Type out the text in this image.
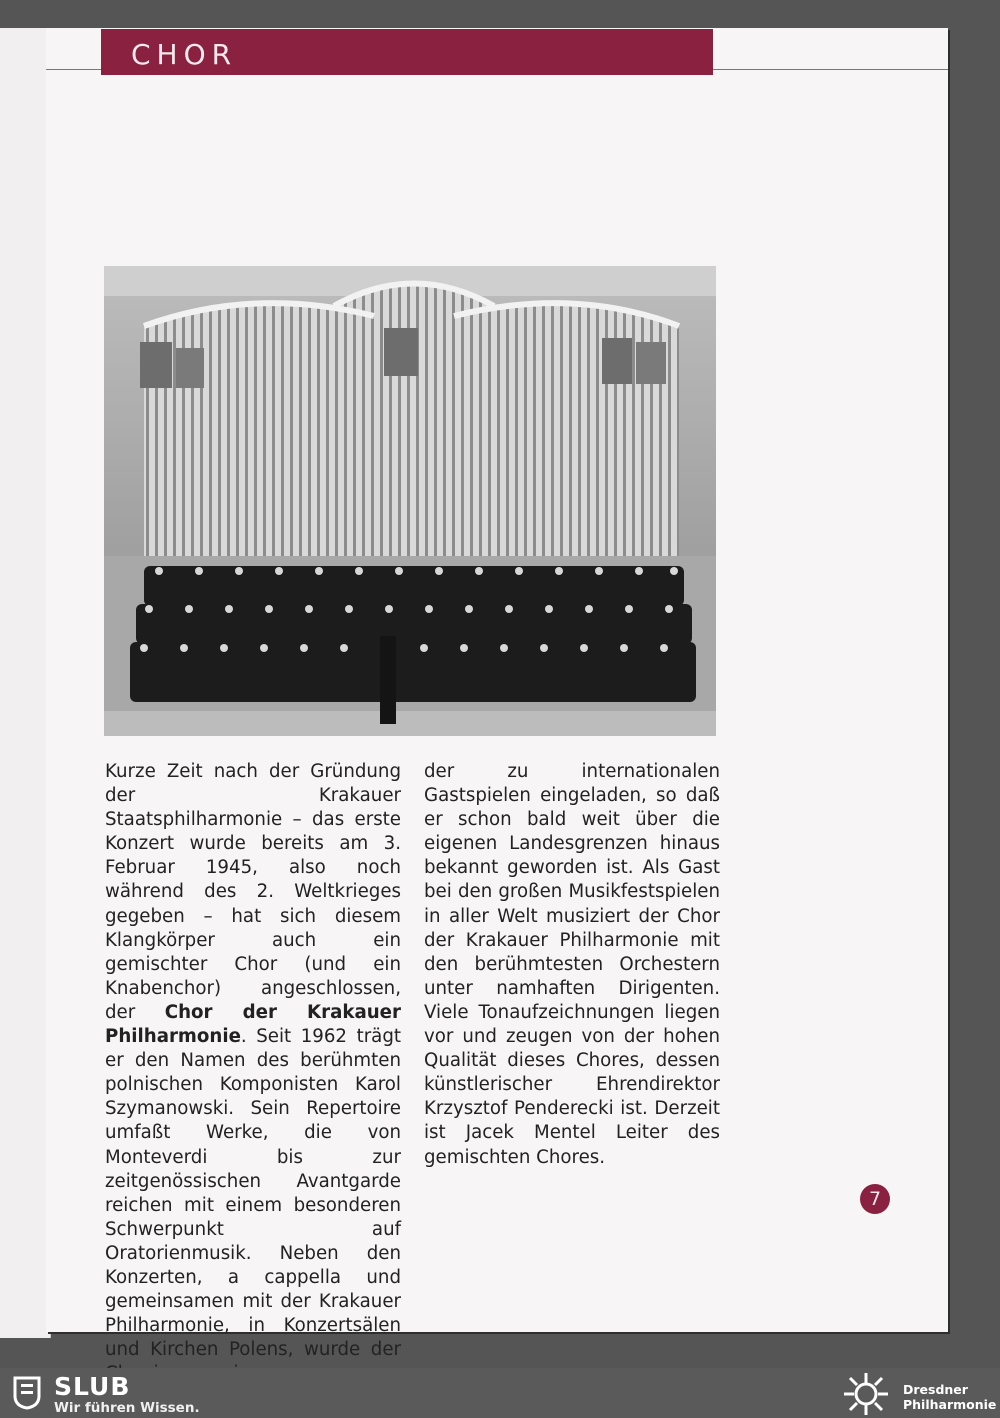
CHOR

Kurze Zeit nach der Gründung der Krakauer Staatsphilharmonie – das erste Konzert wurde bereits am 3. Februar 1945, also noch während des 2. Weltkrieges gegeben – hat sich diesem Klangkörper auch ein gemischter Chor (und ein Knabenchor) angeschlossen, der Chor der Krakauer Philharmonie. Seit 1962 trägt er den Namen des berühmten polnischen Komponisten Karol Szymanowski. Sein Repertoire umfaßt Werke, die von Monteverdi bis zur zeitgenössischen Avantgarde reichen mit einem besonderen Schwerpunkt auf Oratorienmusik. Neben den Konzerten, a cappella und gemeinsamen mit der Krakauer Philharmonie, in Konzertsälen und Kirchen Polens, wurde der

der zu internationalen Gastspielen eingeladen, so daß er schon bald weit über die eigenen Landesgrenzen hinaus bekannt geworden ist. Als Gast bei den großen Musikfestspielen in aller Welt musiziert der Chor der Krakauer Philharmonie mit den berühmtesten Orchestern unter namhaften Dirigenten. Viele Tonaufzeichnungen liegen vor und zeugen von der hohen Qualität dieses Chores, dessen künstlerischer Ehrendirektor Krzysztof Penderecki ist. Derzeit ist Jacek Mentel Leiter des gemischten Chores.

7
SLUB
Wir führen Wissen.
Dresdner
Philharmonie
